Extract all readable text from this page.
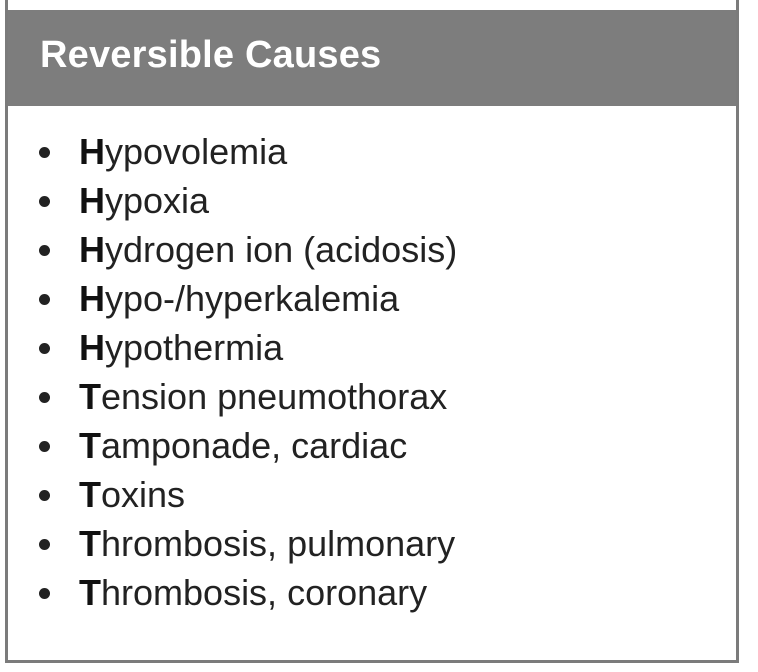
Reversible Causes
Hypovolemia
Hypoxia
Hydrogen ion (acidosis)
Hypo-/hyperkalemia
Hypothermia
Tension pneumothorax
Tamponade, cardiac
Toxins
Thrombosis, pulmonary
Thrombosis, coronary
